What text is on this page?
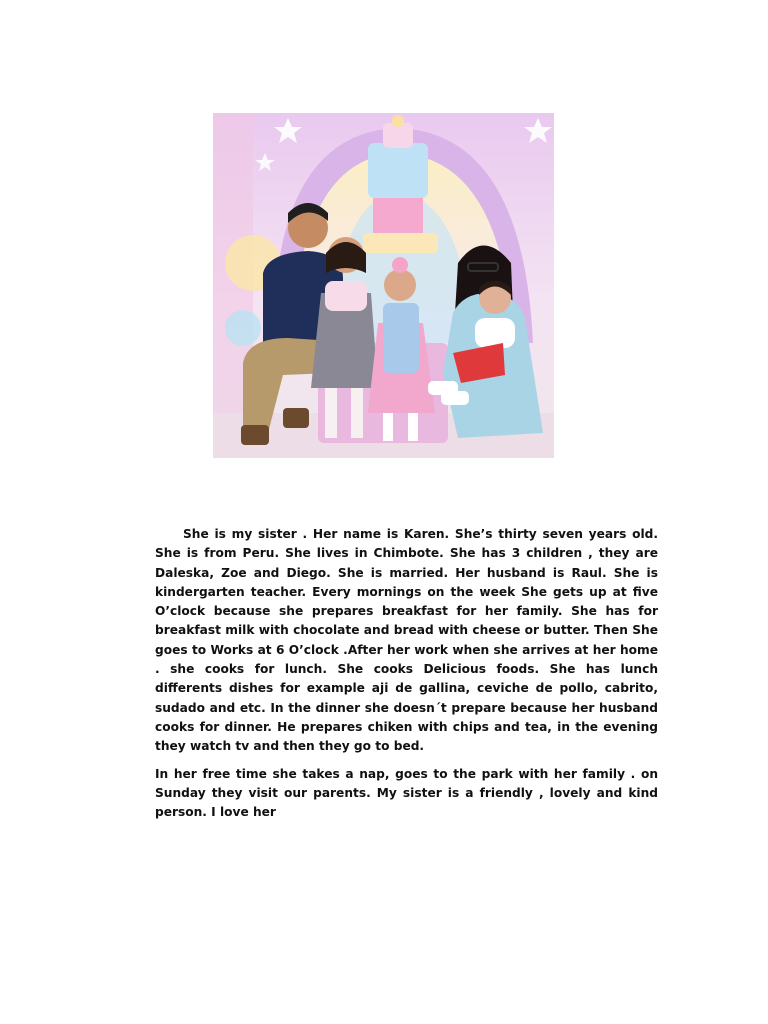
She is my sister . Her name is Karen. She’s thirty seven years old. She is from Peru. She lives in Chimbote. She has 3 children , they are Daleska, Zoe and Diego. She is married. Her husband is Raul. She is kindergarten teacher. Every mornings on the week She gets up at five O’clock because she prepares breakfast for her family. She has for breakfast milk with chocolate and bread with cheese or butter. Then She goes to Works at 6 O’clock .After her work when she arrives at her home . she cooks for lunch. She cooks Delicious foods. She has lunch differents dishes for example aji de gallina, ceviche de pollo, cabrito, sudado and etc. In the dinner she doesn´t prepare because her husband cooks for dinner. He prepares chiken with chips and tea, in the evening they watch tv and then they go to bed.

In her free time she takes a nap, goes to the park with her family . on Sunday they visit our parents. My sister is a friendly , lovely and kind person. I love her
